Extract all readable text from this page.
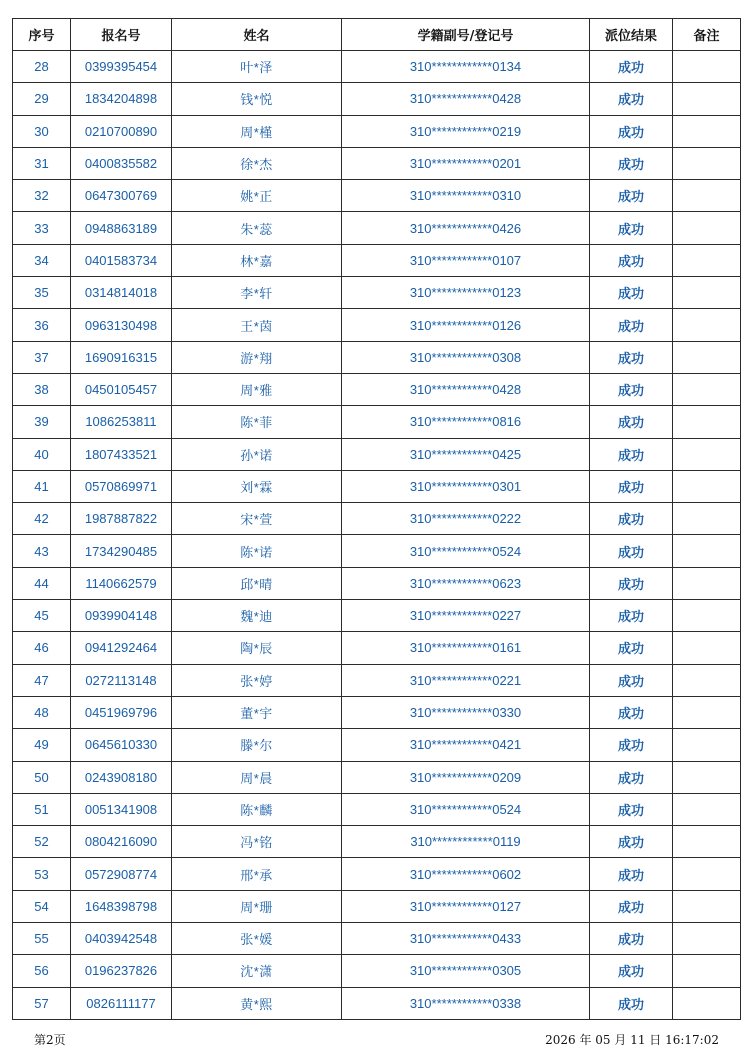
序号	报名号	姓名	学籍副号/登记号	派位结果	备注
28	0399395454	叶*泽	310************0134	成功	
29	1834204898	钱*悦	310************0428	成功	
30	0210700890	周*槿	310************0219	成功	
31	0400835582	徐*杰	310************0201	成功	
32	0647300769	姚*正	310************0310	成功	
33	0948863189	朱*蕊	310************0426	成功	
34	0401583734	林*嘉	310************0107	成功	
35	0314814018	李*轩	310************0123	成功	
36	0963130498	王*茵	310************0126	成功	
37	1690916315	游*翔	310************0308	成功	
38	0450105457	周*雅	310************0428	成功	
39	1086253811	陈*菲	310************0816	成功	
40	1807433521	孙*诺	310************0425	成功	
41	0570869971	刘*霖	310************0301	成功	
42	1987887822	宋*萱	310************0222	成功	
43	1734290485	陈*诺	310************0524	成功	
44	1140662579	邱*晴	310************0623	成功	
45	0939904148	魏*迪	310************0227	成功	
46	0941292464	陶*辰	310************0161	成功	
47	0272113148	张*婷	310************0221	成功	
48	0451969796	董*宇	310************0330	成功	
49	0645610330	滕*尔	310************0421	成功	
50	0243908180	周*晨	310************0209	成功	
51	0051341908	陈*麟	310************0524	成功	
52	0804216090	冯*铭	310************0119	成功	
53	0572908774	邢*承	310************0602	成功	
54	1648398798	周*珊	310************0127	成功	
55	0403942548	张*媛	310************0433	成功	
56	0196237826	沈*潇	310************0305	成功	
57	0826111177	黄*熙	310************0338	成功	
第2页	2026 年 05 月 11 日 16:17:02
